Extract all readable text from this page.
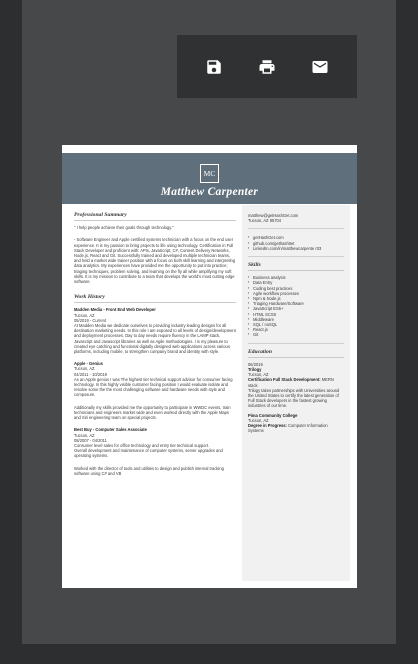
MC
Matthew Carpenter
Professional Summary
" I help people achieve their goals through technology."
- Software Engineer and Apple certified systems technician with a focus on the end user experience. It is my passion to bring projects to life using technology. Certification in Full Stack Developer and proficient with: APIs, JavaScript, C#, Content Delivery Networks, Node.js, React and Git. Successfully trained and developed multiple technician teams, and held a market wide trainer position with a focus on both skill learning and interpreting data analytics. My experiences have provided me the opportunity to put into practice; triaging techniques, problem solving, and learning on the fly all while amplifying my soft skills. It is my mission to contribute to a team that develops the world's most cutting edge software.
Work History
Madden Media - Front End Web Developer
Tucson, AZ
05/2019 - Current
At Madden Media we dedicate ourselves to providing industry leading designs for all destination marketing needs. In this role I am exposed to all levels of design/development and deployment processes. Day to day needs require fluency in the LAMP stack, Javascript and Javascript libraries as well as Agile methodologies. I is my pleasure to created eye catching and functional digitally designed web applications across various platforms, including mobile, to strengthen company brand and identity with style.
Apple - Genius
Tucson, AZ
04/2011 - 10/2019
As an Apple genius I was The highest tier technical support advisor for consumer facing technology. In this highly visible customer facing position I would evaluate isolate and resolve some the the most challenging software and hardware needs with style and composure.
Additionally my skills provided me the opportunity to participate in WWDC events, train technicians and engineers market wide and even worked directly with the Apple Maps and Siri engineering team on special projects.
Best Buy - Computer Sales Associate
Tucson, AZ
08/2007 - 04/2011
Consumer level sales for office technology and entry tier technical support.
Overall development and maintenance of computer systems, server upgrades and operating systems.
Worked with the director of tools and utilities to design and publish internal tracking software using C# and VB
matthew@getHashGet.com
Tucson, AZ 85704
▪ getHashGet.com
▪ github.com/gethash0et
▪ LinkedIn.com/in/matthewcarpente r03
Skills
▪ Business analysis
▪ Data Entry
▪ Coding best practices
▪ Agile workflow processes
▪ Npm & Node.js
▪ Triaging Hardware/Software
▪ JavaScript ES6+
▪ HTML SCSS
▪ Middleware
▪ SQL / noSQL
▪ React.js
▪ Git
Education
06/2019
Trilogy
Tucson, AZ
Certification Full Stack Development: MERN stack
Trilogy takes partnerships with Universities around the United States to certify the latest generation of Full Stack developers in the fastest growing industries of our time.
Pima Community College
Tucson, AZ
Degree in Progress: Computer Information Systems
